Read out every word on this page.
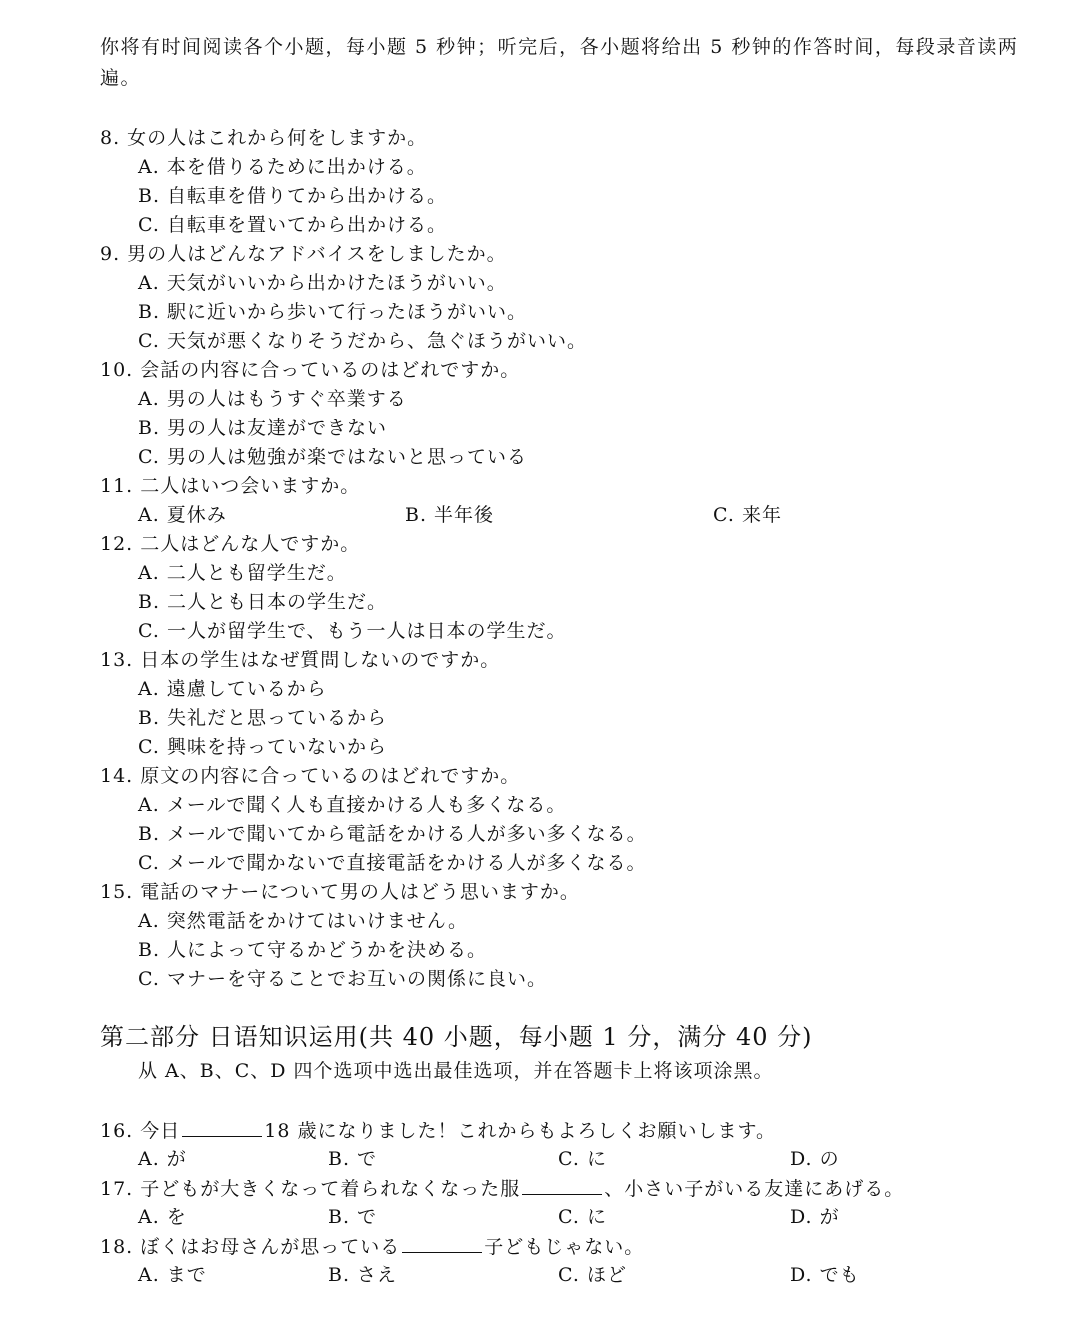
你将有时间阅读各个小题，每小题 5 秒钟；听完后，各小题将给出 5 秒钟的作答时间，每段录音读两
遍。
8. 女の人はこれから何をしますか。
A. 本を借りるために出かける。
B. 自転車を借りてから出かける。
C. 自転車を置いてから出かける。
9. 男の人はどんなアドバイスをしましたか。
A. 天気がいいから出かけたほうがいい。
B. 駅に近いから歩いて行ったほうがいい。
C. 天気が悪くなりそうだから、急ぐほうがいい。
10. 会話の内容に合っているのはどれですか。
A. 男の人はもうすぐ卒業する
B. 男の人は友達ができない
C. 男の人は勉強が楽ではないと思っている
11. 二人はいつ会いますか。
A. 夏休み	B. 半年後	C. 来年
12. 二人はどんな人ですか。
A. 二人とも留学生だ。
B. 二人とも日本の学生だ。
C. 一人が留学生で、もう一人は日本の学生だ。
13. 日本の学生はなぜ質問しないのですか。
A. 遠慮しているから
B. 失礼だと思っているから
C. 興味を持っていないから
14. 原文の内容に合っているのはどれですか。
A. メールで聞く人も直接かける人も多くなる。
B. メールで聞いてから電話をかける人が多い多くなる。
C. メールで聞かないで直接電話をかける人が多くなる。
15. 電話のマナーについて男の人はどう思いますか。
A. 突然電話をかけてはいけません。
B. 人によって守るかどうかを決める。
C. マナーを守ることでお互いの関係に良い。
第二部分 日语知识运用(共 40 小题，每小题 1 分，满分 40 分)
从 A、B、C、D 四个选项中选出最佳选项，并在答题卡上将该项涂黑。
16. 今日	18 歳になりました！これからもよろしくお願いします。
A. が	B. で	C. に	D. の
17. 子どもが大きくなって着られなくなった服	、小さい子がいる友達にあげる。
A. を	B. で	C. に	D. が
18. ぼくはお母さんが思っている	子どもじゃない。
A. まで	B. さえ	C. ほど	D. でも
